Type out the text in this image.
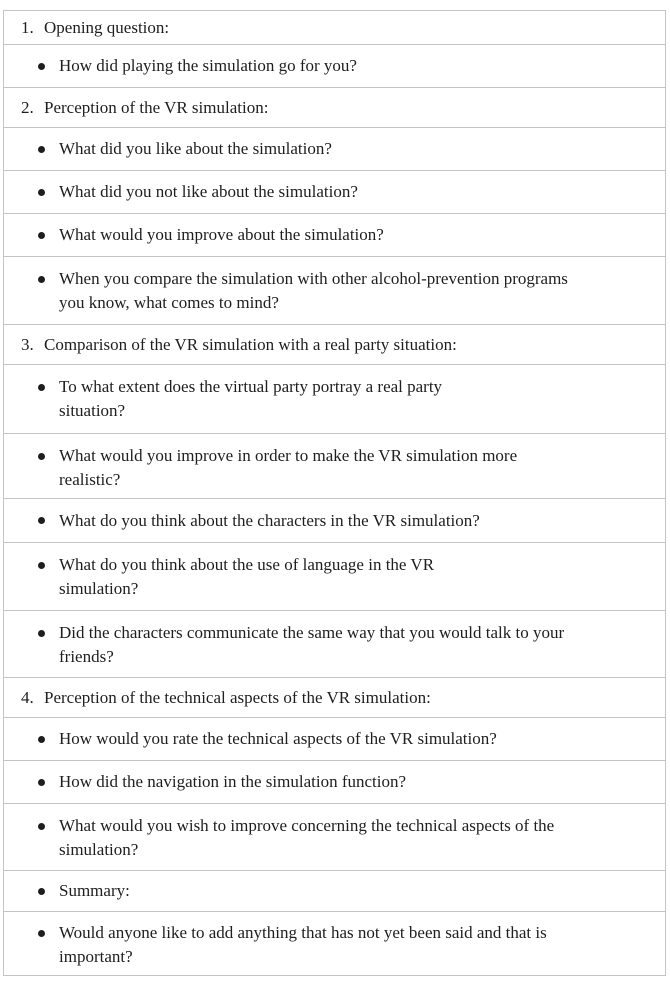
1. Opening question:
How did playing the simulation go for you?
2. Perception of the VR simulation:
What did you like about the simulation?
What did you not like about the simulation?
What would you improve about the simulation?
When you compare the simulation with other alcohol-prevention programs you know, what comes to mind?
3. Comparison of the VR simulation with a real party situation:
To what extent does the virtual party portray a real party situation?
What would you improve in order to make the VR simulation more realistic?
What do you think about the characters in the VR simulation?
What do you think about the use of language in the VR simulation?
Did the characters communicate the same way that you would talk to your friends?
4. Perception of the technical aspects of the VR simulation:
How would you rate the technical aspects of the VR simulation?
How did the navigation in the simulation function?
What would you wish to improve concerning the technical aspects of the simulation?
Summary:
Would anyone like to add anything that has not yet been said and that is important?
